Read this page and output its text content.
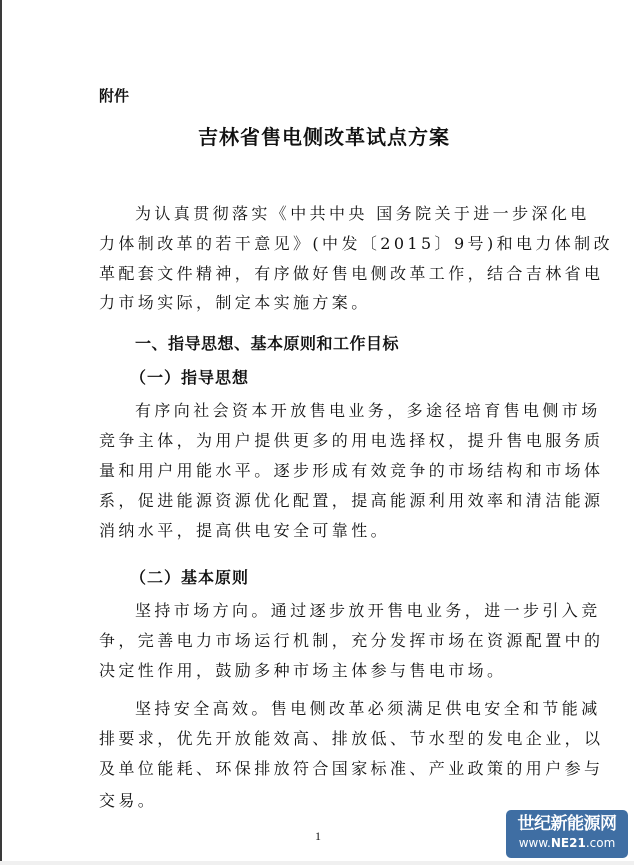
附件
吉林省售电侧改革试点方案
为认真贯彻落实《中共中央 国务院关于进一步深化电
力体制改革的若干意见》(中发〔2015〕9号)和电力体制改
革配套文件精神，有序做好售电侧改革工作，结合吉林省电
力市场实际，制定本实施方案。
一、指导思想、基本原则和工作目标
（一）指导思想
有序向社会资本开放售电业务，多途径培育售电侧市场
竞争主体，为用户提供更多的用电选择权，提升售电服务质
量和用户用能水平。逐步形成有效竞争的市场结构和市场体
系，促进能源资源优化配置，提高能源利用效率和清洁能源
消纳水平，提高供电安全可靠性。
（二）基本原则
坚持市场方向。通过逐步放开售电业务，进一步引入竞
争，完善电力市场运行机制，充分发挥市场在资源配置中的
决定性作用，鼓励多种市场主体参与售电市场。
坚持安全高效。售电侧改革必须满足供电安全和节能减
排要求，优先开放能效高、排放低、节水型的发电企业，以
及单位能耗、环保排放符合国家标准、产业政策的用户参与
交易。
1
世纪新能源网
www.NE21.com
